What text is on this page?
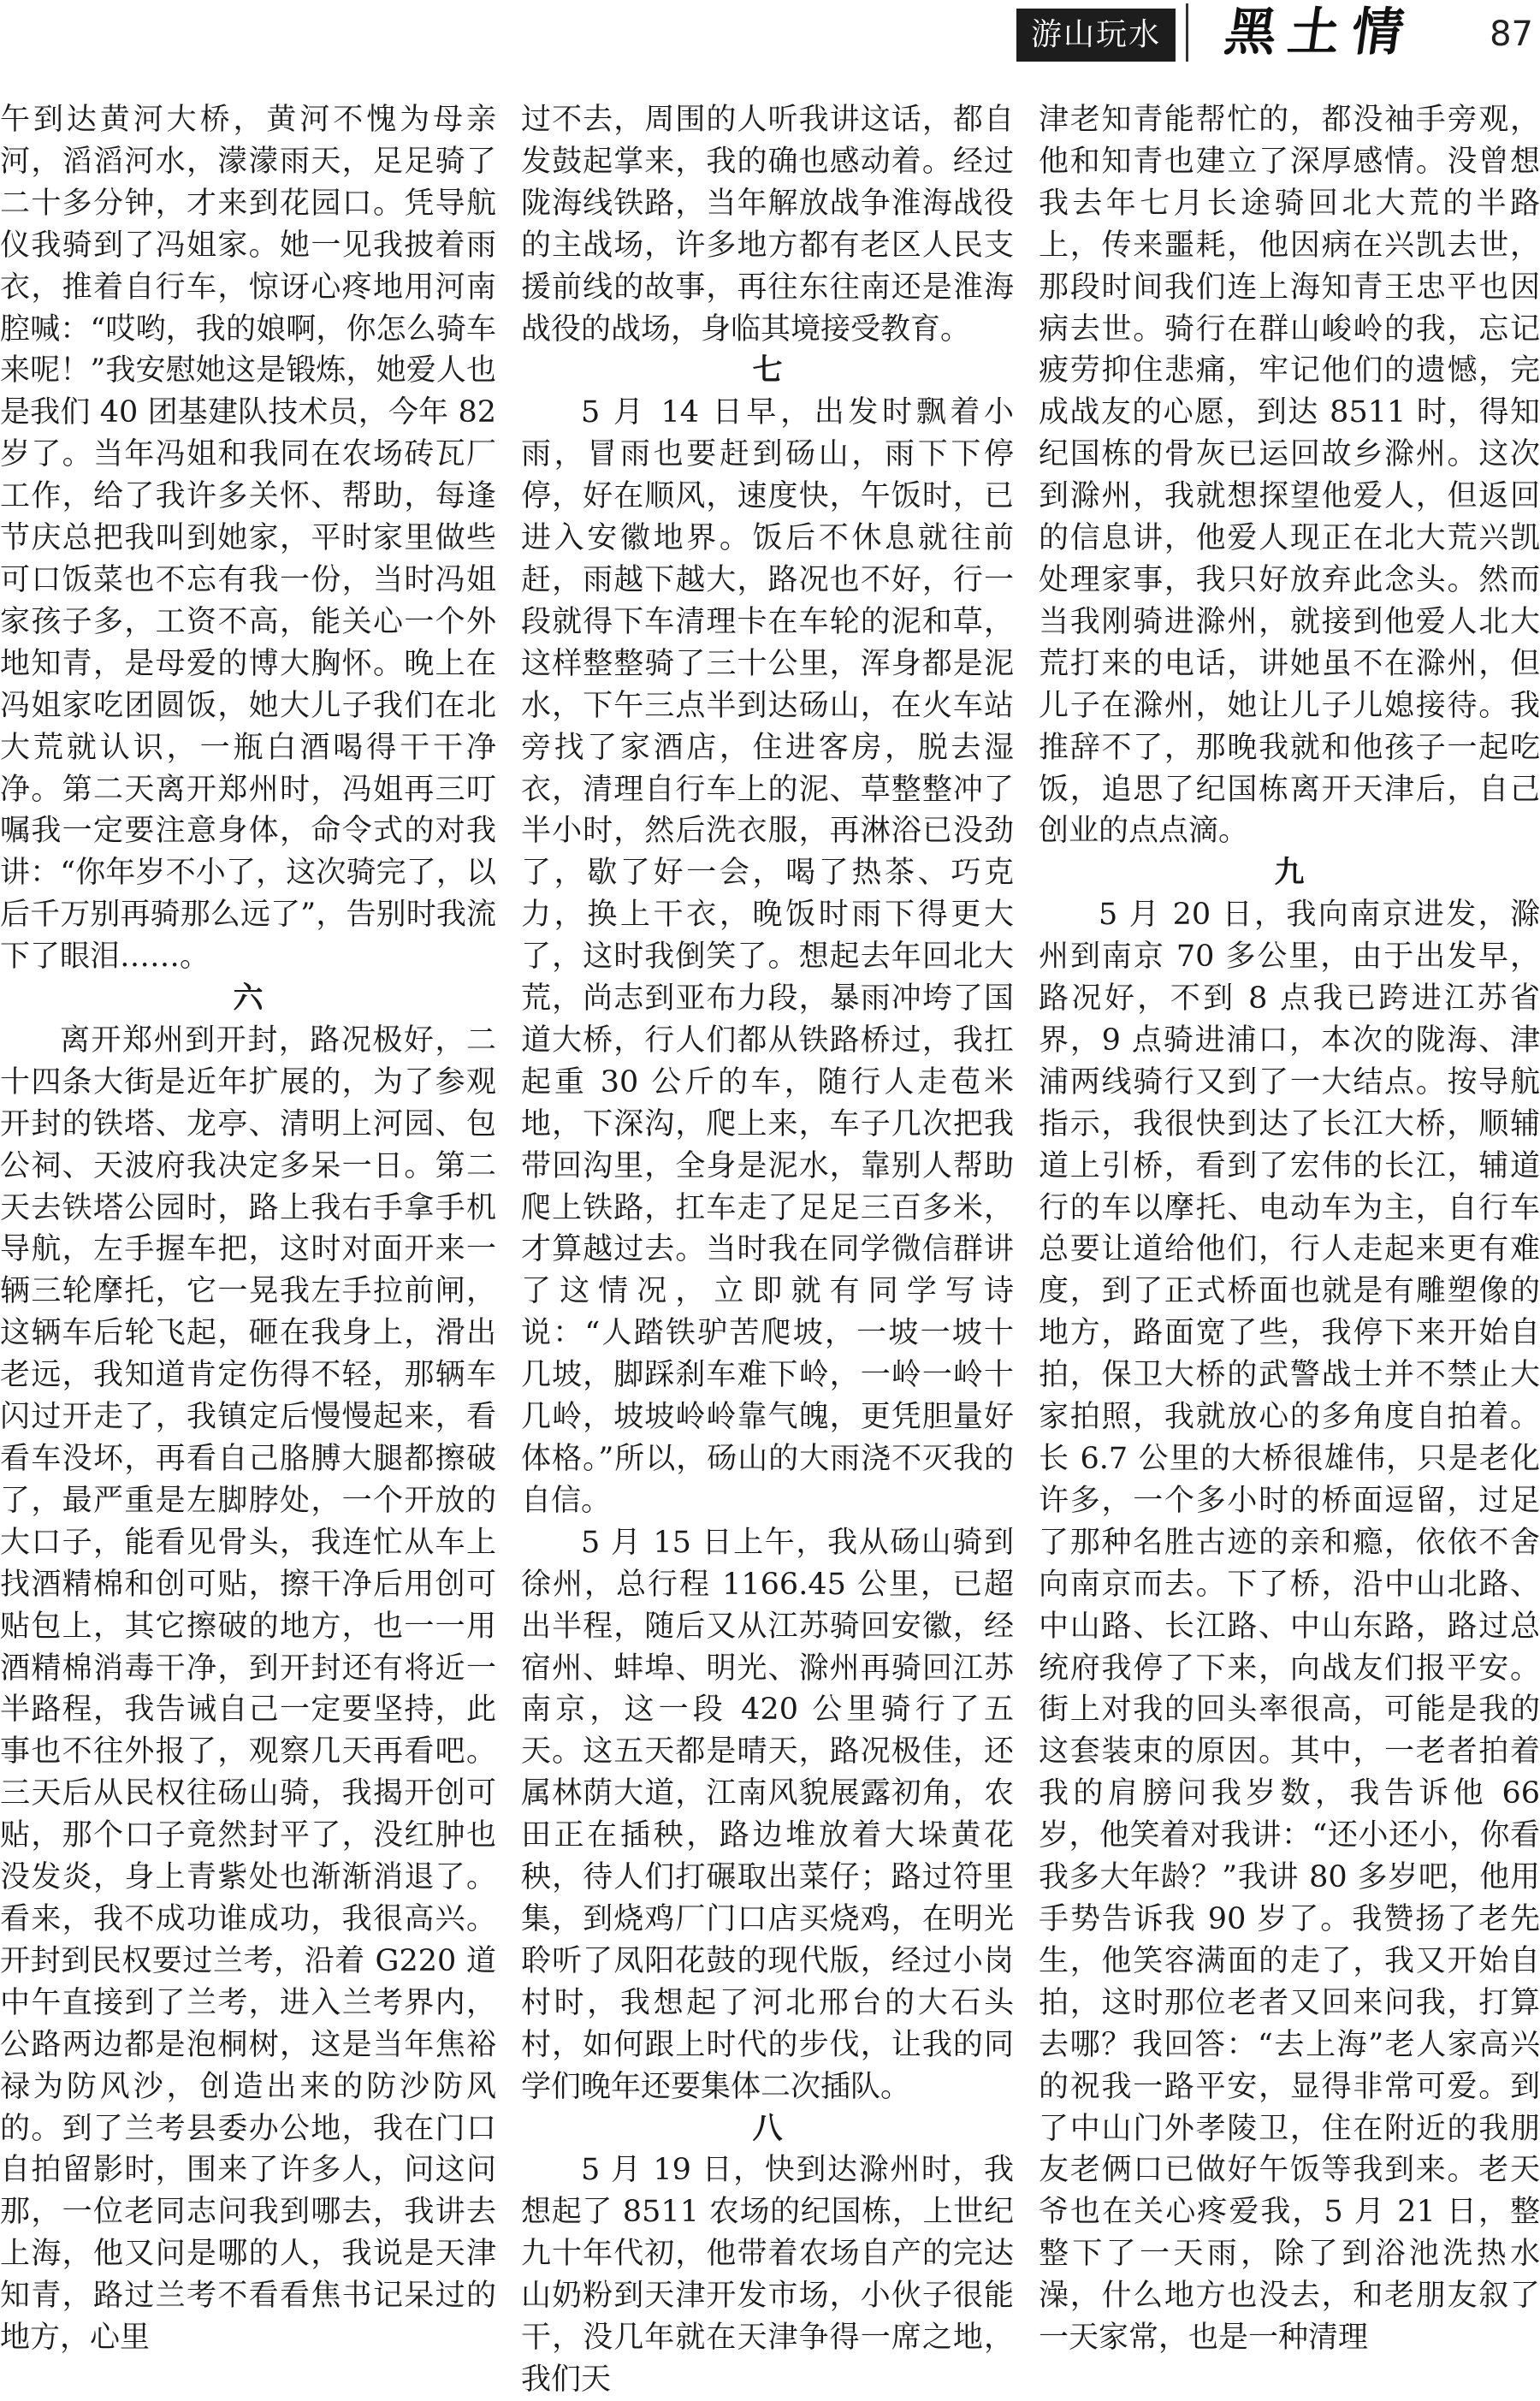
游山玩水 黑土情 87

午到达黄河大桥，黄河不愧为母亲河，滔滔河水，濛濛雨天，足足骑了二十多分钟，才来到花园口。凭导航仪我骑到了冯姐家。她一见我披着雨衣，推着自行车，惊讶心疼地用河南腔喊：“哎哟，我的娘啊，你怎么骑车来呢！”我安慰她这是锻炼，她爱人也是我们 40 团基建队技术员，今年 82 岁了。当年冯姐和我同在农场砖瓦厂工作，给了我许多关怀、帮助，每逢节庆总把我叫到她家，平时家里做些可口饭菜也不忘有我一份，当时冯姐家孩子多，工资不高，能关心一个外地知青，是母爱的博大胸怀。晚上在冯姐家吃团圆饭，她大儿子我们在北大荒就认识，一瓶白酒喝得干干净净。第二天离开郑州时，冯姐再三叮嘱我一定要注意身体，命令式的对我讲：“你年岁不小了，这次骑完了，以后千万别再骑那么远了”，告别时我流下了眼泪……。

六

离开郑州到开封，路况极好，二十四条大街是近年扩展的，为了参观开封的铁塔、龙亭、清明上河园、包公祠、天波府我决定多呆一日。第二天去铁塔公园时，路上我右手拿手机导航，左手握车把，这时对面开来一辆三轮摩托，它一晃我左手拉前闸，这辆车后轮飞起，砸在我身上，滑出老远，我知道肯定伤得不轻，那辆车闪过开走了，我镇定后慢慢起来，看看车没坏，再看自己胳膊大腿都擦破了，最严重是左脚脖处，一个开放的大口子，能看见骨头，我连忙从车上找酒精棉和创可贴，擦干净后用创可贴包上，其它擦破的地方，也一一用酒精棉消毒干净，到开封还有将近一半路程，我告诫自己一定要坚持，此事也不往外报了，观察几天再看吧。三天后从民权往砀山骑，我揭开创可贴，那个口子竟然封平了，没红肿也没发炎，身上青紫处也渐渐消退了。看来，我不成功谁成功，我很高兴。开封到民权要过兰考，沿着 G220 道中午直接到了兰考，进入兰考界内，公路两边都是泡桐树，这是当年焦裕禄为防风沙，创造出来的防沙防风的。到了兰考县委办公地，我在门口自拍留影时，围来了许多人，问这问那，一位老同志问我到哪去，我讲去上海，他又问是哪的人，我说是天津知青，路过兰考不看看焦书记呆过的地方，心里

过不去，周围的人听我讲这话，都自发鼓起掌来，我的确也感动着。经过陇海线铁路，当年解放战争淮海战役的主战场，许多地方都有老区人民支援前线的故事，再往东往南还是淮海战役的战场，身临其境接受教育。

七

5 月 14 日早，出发时飘着小雨，冒雨也要赶到砀山，雨下下停停，好在顺风，速度快，午饭时，已进入安徽地界。饭后不休息就往前赶，雨越下越大，路况也不好，行一段就得下车清理卡在车轮的泥和草，这样整整骑了三十公里，浑身都是泥水，下午三点半到达砀山，在火车站旁找了家酒店，住进客房，脱去湿衣，清理自行车上的泥、草整整冲了半小时，然后洗衣服，再淋浴已没劲了，歇了好一会，喝了热茶、巧克力，换上干衣，晚饭时雨下得更大了，这时我倒笑了。想起去年回北大荒，尚志到亚布力段，暴雨冲垮了国道大桥，行人们都从铁路桥过，我扛起重 30 公斤的车，随行人走苞米地，下深沟，爬上来，车子几次把我带回沟里，全身是泥水，靠别人帮助爬上铁路，扛车走了足足三百多米，才算越过去。当时我在同学微信群讲了这情况，立即就有同学写诗说：“人踏铁驴苦爬坡，一坡一坡十几坡，脚踩刹车难下岭，一岭一岭十几岭，坡坡岭岭靠气魄，更凭胆量好体格。”所以，砀山的大雨浇不灭我的自信。

5 月 15 日上午，我从砀山骑到徐州，总行程 1166.45 公里，已超出半程，随后又从江苏骑回安徽，经宿州、蚌埠、明光、滁州再骑回江苏南京，这一段 420 公里骑行了五天。这五天都是晴天，路况极佳，还属林荫大道，江南风貌展露初角，农田正在插秧，路边堆放着大垛黄花秧，待人们打碾取出菜仔；路过符里集，到烧鸡厂门口店买烧鸡，在明光聆听了凤阳花鼓的现代版，经过小岗村时，我想起了河北邢台的大石头村，如何跟上时代的步伐，让我的同学们晚年还要集体二次插队。

八

5 月 19 日，快到达滁州时，我想起了 8511 农场的纪国栋，上世纪九十年代初，他带着农场自产的完达山奶粉到天津开发市场，小伙子很能干，没几年就在天津争得一席之地，我们天

津老知青能帮忙的，都没袖手旁观，他和知青也建立了深厚感情。没曾想我去年七月长途骑回北大荒的半路上，传来噩耗，他因病在兴凯去世，那段时间我们连上海知青王忠平也因病去世。骑行在群山峻岭的我，忘记疲劳抑住悲痛，牢记他们的遗憾，完成战友的心愿，到达 8511 时，得知纪国栋的骨灰已运回故乡滁州。这次到滁州，我就想探望他爱人，但返回的信息讲，他爱人现正在北大荒兴凯处理家事，我只好放弃此念头。然而当我刚骑进滁州，就接到他爱人北大荒打来的电话，讲她虽不在滁州，但儿子在滁州，她让儿子儿媳接待。我推辞不了，那晚我就和他孩子一起吃饭，追思了纪国栋离开天津后，自己创业的点点滴。

九

5 月 20 日，我向南京进发，滁州到南京 70 多公里，由于出发早，路况好，不到 8 点我已跨进江苏省界，9 点骑进浦口，本次的陇海、津浦两线骑行又到了一大结点。按导航指示，我很快到达了长江大桥，顺辅道上引桥，看到了宏伟的长江，辅道行的车以摩托、电动车为主，自行车总要让道给他们，行人走起来更有难度，到了正式桥面也就是有雕塑像的地方，路面宽了些，我停下来开始自拍，保卫大桥的武警战士并不禁止大家拍照，我就放心的多角度自拍着。长 6.7 公里的大桥很雄伟，只是老化许多，一个多小时的桥面逗留，过足了那种名胜古迹的亲和瘾，依依不舍向南京而去。下了桥，沿中山北路、中山路、长江路、中山东路，路过总统府我停了下来，向战友们报平安。街上对我的回头率很高，可能是我的这套装束的原因。其中，一老者拍着我的肩膀问我岁数，我告诉他 66 岁，他笑着对我讲：“还小还小，你看我多大年龄？”我讲 80 多岁吧，他用手势告诉我 90 岁了。我赞扬了老先生，他笑容满面的走了，我又开始自拍，这时那位老者又回来问我，打算去哪？我回答：“去上海”老人家高兴的祝我一路平安，显得非常可爱。到了中山门外孝陵卫，住在附近的我朋友老俩口已做好午饭等我到来。老天爷也在关心疼爱我，5 月 21 日，整整下了一天雨，除了到浴池洗热水澡，什么地方也没去，和老朋友叙了一天家常，也是一种清理
